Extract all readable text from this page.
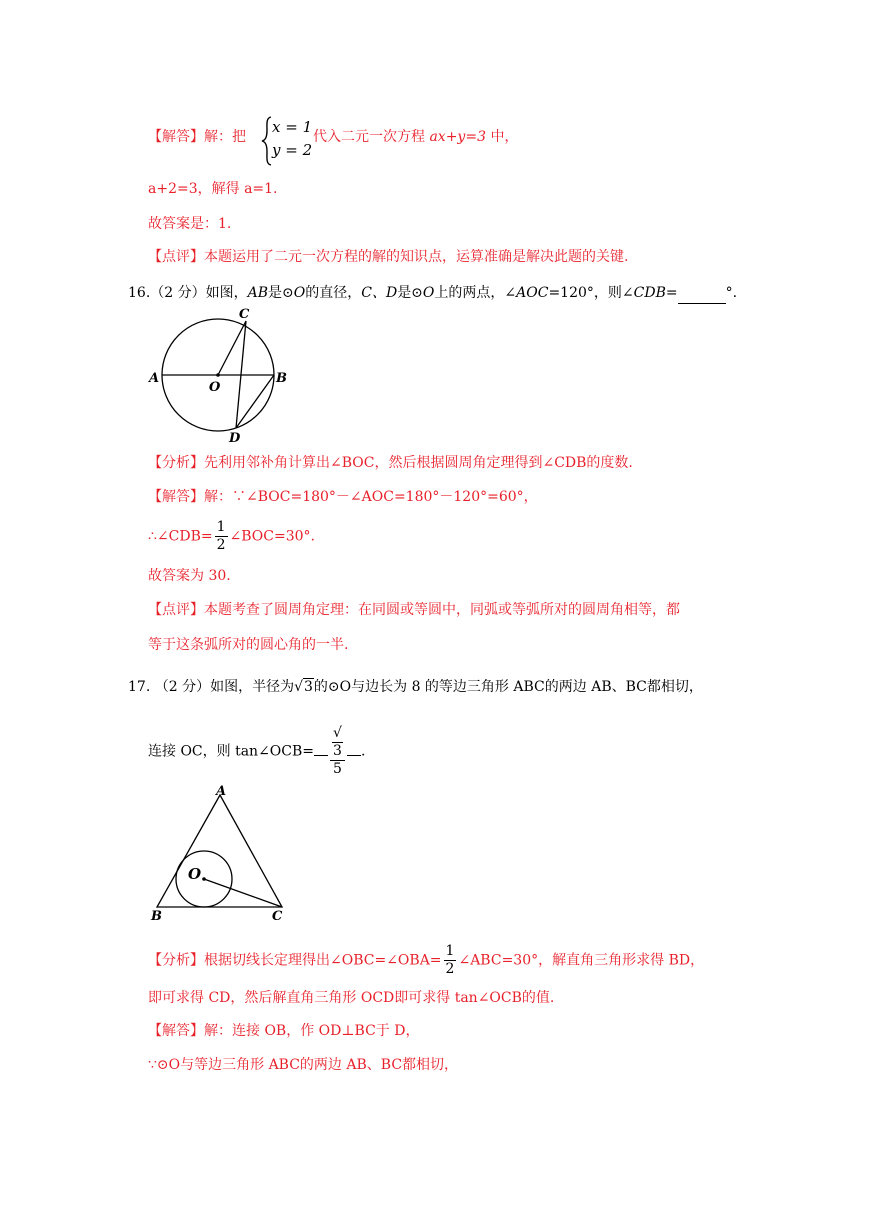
【解答】解：把
x = 1
y = 2
代入二元一次方程 ax+y=3 中，
a+2=3，解得 a=1.
故答案是：1.
【点评】本题运用了二元一次方程的解的知识点，运算准确是解决此题的关键.
16.（2 分）如图，AB是⊙O的直径，C、D是⊙O上的两点，∠AOC=120°，则∠CDB=	°.
C
A	B
O
D
【分析】先利用邻补角计算出∠BOC，然后根据圆周角定理得到∠CDB的度数.
【解答】解：∵∠BOC=180°－∠AOC=180°－120°=60°，
∴∠CDB= $\frac{1}{2}$ ∠BOC=30°.
故答案为 30.
【点评】本题考查了圆周角定理：在同圆或等圆中，同弧或等弧所对的圆周角相等，都
等于这条弧所对的圆心角的一半.
17. （2 分）如图，半径为√3的⊙O与边长为 8 的等边三角形 ABC的两边 AB、BC都相切，
连接 OC，则 tan∠OCB= √
3
5 .
A
B	C
O
【分析】根据切线长定理得出∠OBC=∠OBA= $\frac{1}{2}$ ∠ABC=30°，解直角三角形求得 BD，
即可求得 CD，然后解直角三角形 OCD即可求得 tan∠OCB的值.
【解答】解：连接 OB，作 OD⊥BC于 D，
∵⊙O与等边三角形 ABC的两边 AB、BC都相切，
